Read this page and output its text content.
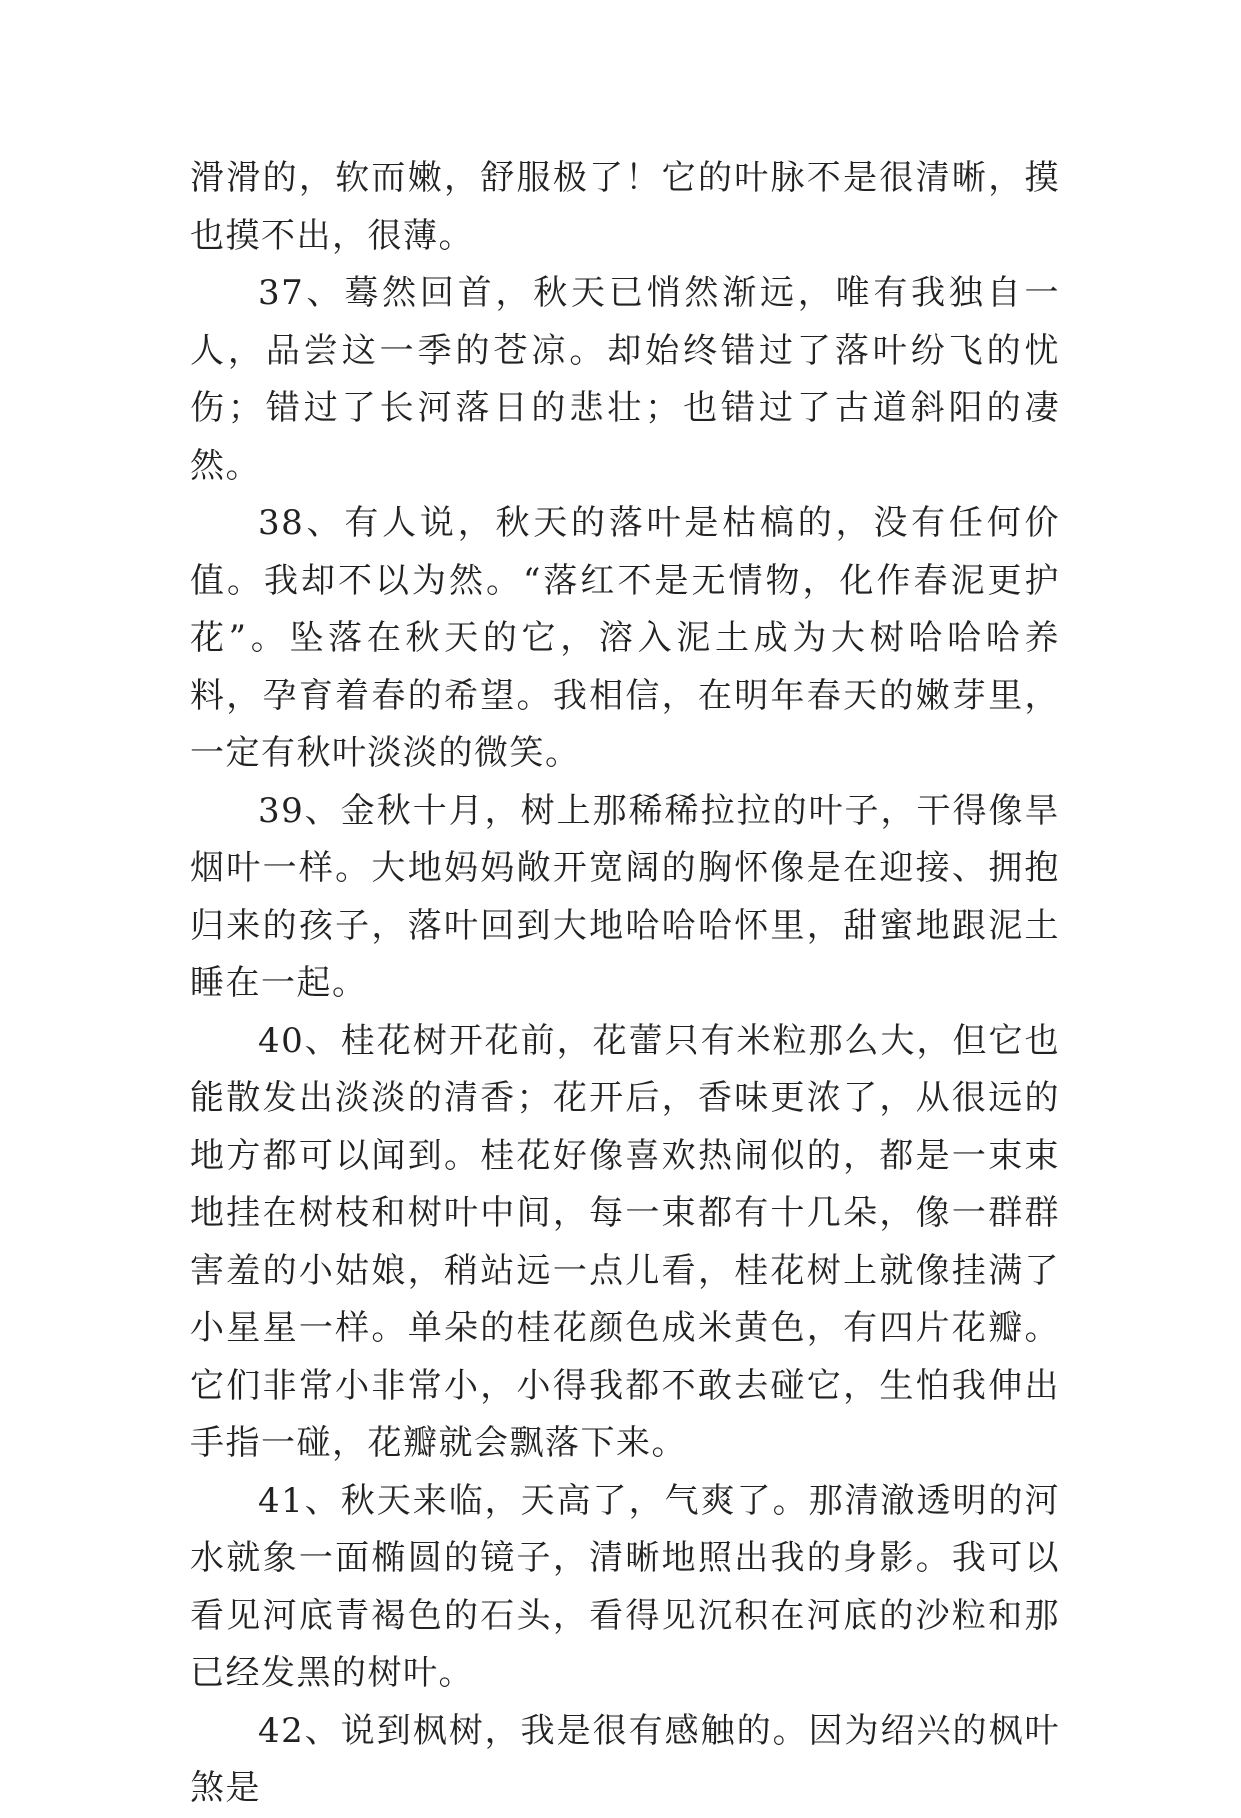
滑滑的，软而嫩，舒服极了！它的叶脉不是很清晰，摸也摸不出，很薄。

37、蓦然回首，秋天已悄然渐远，唯有我独自一人，品尝这一季的苍凉。却始终错过了落叶纷飞的忧伤；错过了长河落日的悲壮；也错过了古道斜阳的凄然。

38、有人说，秋天的落叶是枯槁的，没有任何价值。我却不以为然。“落红不是无情物，化作春泥更护花”。坠落在秋天的它，溶入泥土成为大树哈哈哈养料，孕育着春的希望。我相信，在明年春天的嫩芽里，一定有秋叶淡淡的微笑。

39、金秋十月，树上那稀稀拉拉的叶子，干得像旱烟叶一样。大地妈妈敞开宽阔的胸怀像是在迎接、拥抱归来的孩子，落叶回到大地哈哈哈怀里，甜蜜地跟泥土睡在一起。

40、桂花树开花前，花蕾只有米粒那么大，但它也能散发出淡淡的清香；花开后，香味更浓了，从很远的地方都可以闻到。桂花好像喜欢热闹似的，都是一束束地挂在树枝和树叶中间，每一束都有十几朵，像一群群害羞的小姑娘，稍站远一点儿看，桂花树上就像挂满了小星星一样。单朵的桂花颜色成米黄色，有四片花瓣。它们非常小非常小，小得我都不敢去碰它，生怕我伸出手指一碰，花瓣就会飘落下来。

41、秋天来临，天高了，气爽了。那清澈透明的河水就象一面椭圆的镜子，清晰地照出我的身影。我可以看见河底青褐色的石头，看得见沉积在河底的沙粒和那已经发黑的树叶。

42、说到枫树，我是很有感触的。因为绍兴的枫叶煞是
